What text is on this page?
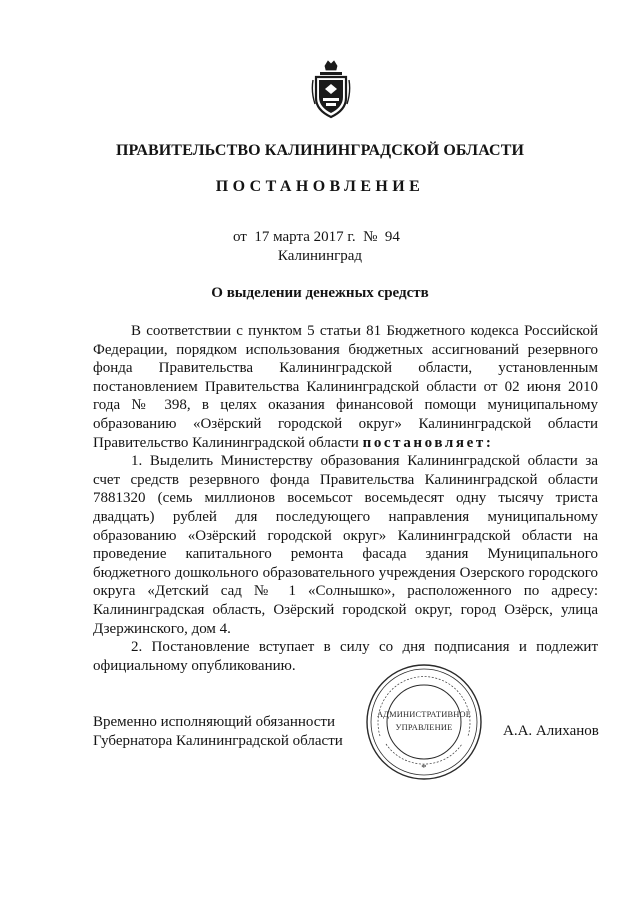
ПРАВИТЕЛЬСТВО КАЛИНИНГРАДСКОЙ ОБЛАСТИ
ПОСТАНОВЛЕНИЕ
от 17 марта 2017 г. № 94
Калининград
О выделении денежных средств

В соответствии с пунктом 5 статьи 81 Бюджетного кодекса Российской Федерации, порядком использования бюджетных ассигнований резервного фонда Правительства Калининградской области, установленным постановлением Правительства Калининградской области от 02 июня 2010 года № 398, в целях оказания финансовой помощи муниципальному образованию «Озёрский городской округ» Калининградской области Правительство Калининградской области постановляет:

1. Выделить Министерству образования Калининградской области за счет средств резервного фонда Правительства Калининградской области 7881320 (семь миллионов восемьсот восемьдесят одну тысячу триста двадцать) рублей для последующего направления муниципальному образованию «Озёрский городской округ» Калининградской области на проведение капитального ремонта фасада здания Муниципального бюджетного дошкольного образовательного учреждения Озерского городского округа «Детский сад № 1 «Солнышко», расположенного по адресу: Калининградская область, Озёрский городской округ, город Озёрск, улица Дзержинского, дом 4.

2. Постановление вступает в силу со дня подписания и подлежит официальному опубликованию.

Временно исполняющий обязанности
Губернатора Калининградской области
АДМИНИСТРАТИВНОЕ
УПРАВЛЕНИЕ
*
А.А. Алиханов
